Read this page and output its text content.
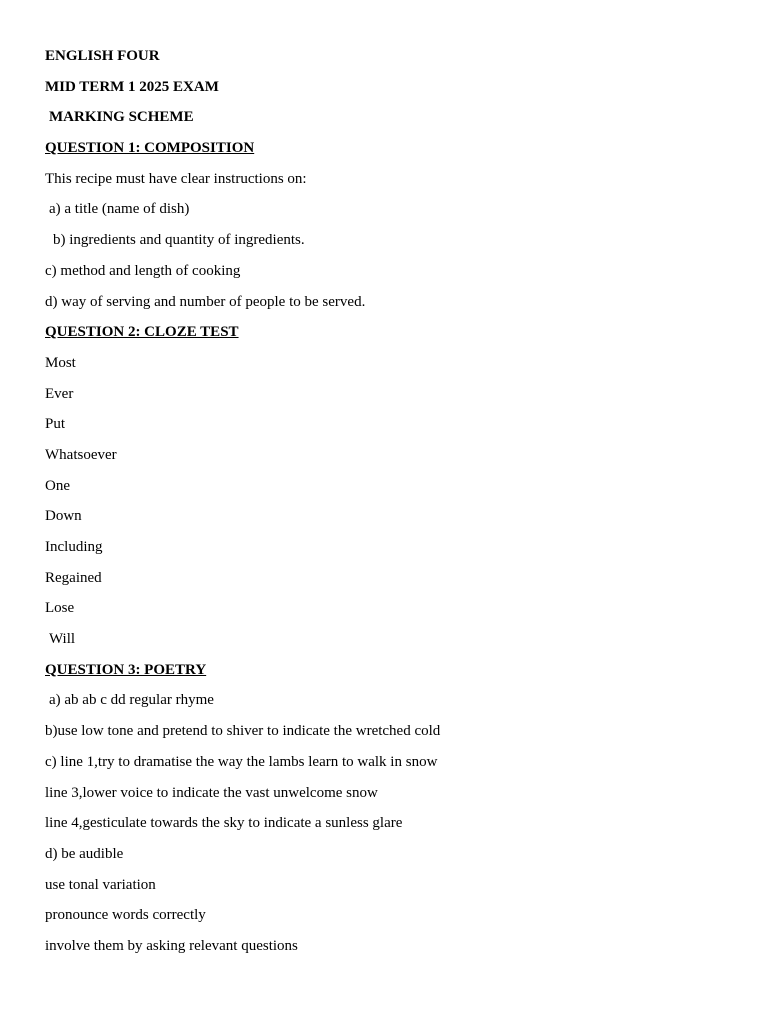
ENGLISH FOUR
MID TERM 1 2025 EXAM
MARKING SCHEME
QUESTION 1: COMPOSITION
This recipe must have clear instructions on:
a) a title (name of dish)
b) ingredients and quantity of ingredients.
c) method and length of cooking
d) way of serving and number of people to be served.
QUESTION 2: CLOZE TEST
Most
Ever
Put
Whatsoever
One
Down
Including
Regained
Lose
Will
QUESTION 3: POETRY
a) ab ab c dd regular rhyme
b)use low tone and pretend to shiver to indicate the wretched cold
c) line 1,try to dramatise the way the lambs learn to walk in snow
line 3,lower voice to indicate the vast unwelcome snow
line 4,gesticulate towards the sky to indicate a sunless glare
d) be audible
use tonal variation
pronounce words correctly
involve them by asking relevant questions
